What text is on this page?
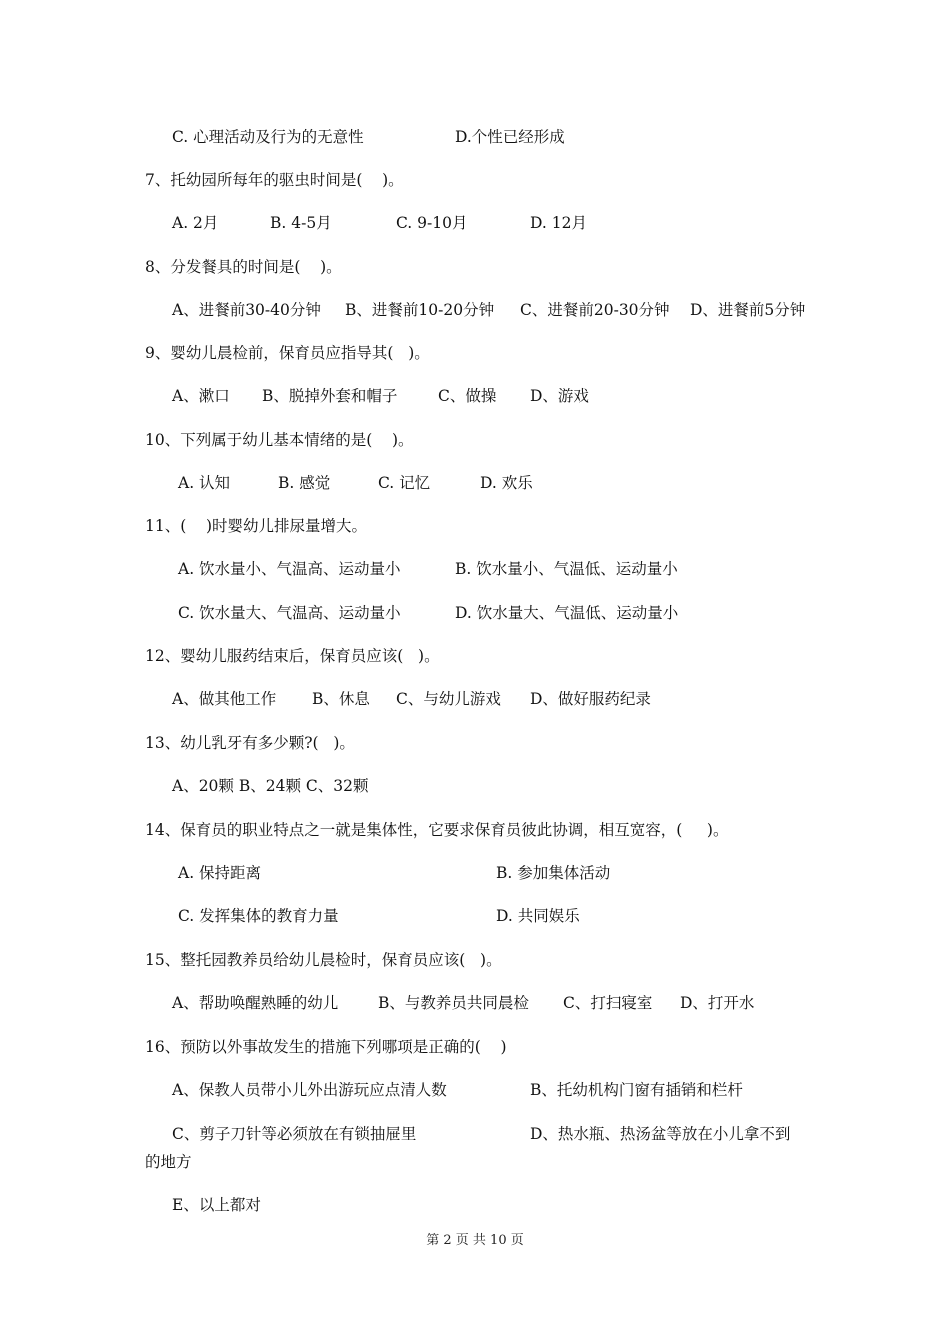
C. 心理活动及行为的无意性	D.个性已经形成
7、托幼园所每年的驱虫时间是(    )。
A. 2月	B. 4-5月	C. 9-10月	D. 12月
8、分发餐具的时间是(    )。
A、进餐前30-40分钟 B、进餐前10-20分钟 C、进餐前20-30分钟 D、进餐前5分钟
9、婴幼儿晨检前，保育员应指导其(   )。
A、漱口 B、脱掉外套和帽子	C、做操 D、游戏
10、下列属于幼儿基本情绪的是(    )。
A. 认知	B. 感觉	C. 记忆	D. 欢乐
11、(    )时婴幼儿排尿量增大。
A. 饮水量小、气温高、运动量小	B. 饮水量小、气温低、运动量小
C. 饮水量大、气温高、运动量小	D. 饮水量大、气温低、运动量小
12、婴幼儿服药结束后，保育员应该(   )。
A、做其他工作 B、休息 C、与幼儿游戏 D、做好服药纪录
13、幼儿乳牙有多少颗?(   )。
A、20颗 B、24颗 C、32颗
14、保育员的职业特点之一就是集体性，它要求保育员彼此协调，相互宽容，(     )。
A. 保持距离	B. 参加集体活动
C. 发挥集体的教育力量	D. 共同娱乐
15、整托园教养员给幼儿晨检时，保育员应该(   )。
A、帮助唤醒熟睡的幼儿	B、与教养员共同晨检 C、打扫寝室 D、打开水
16、预防以外事故发生的措施下列哪项是正确的(    )
A、保教人员带小儿外出游玩应点清人数	B、托幼机构门窗有插销和栏杆
C、剪子刀针等必须放在有锁抽屉里	D、热水瓶、热汤盆等放在小儿拿不到
的地方
E、以上都对
第 2 页 共 10 页
